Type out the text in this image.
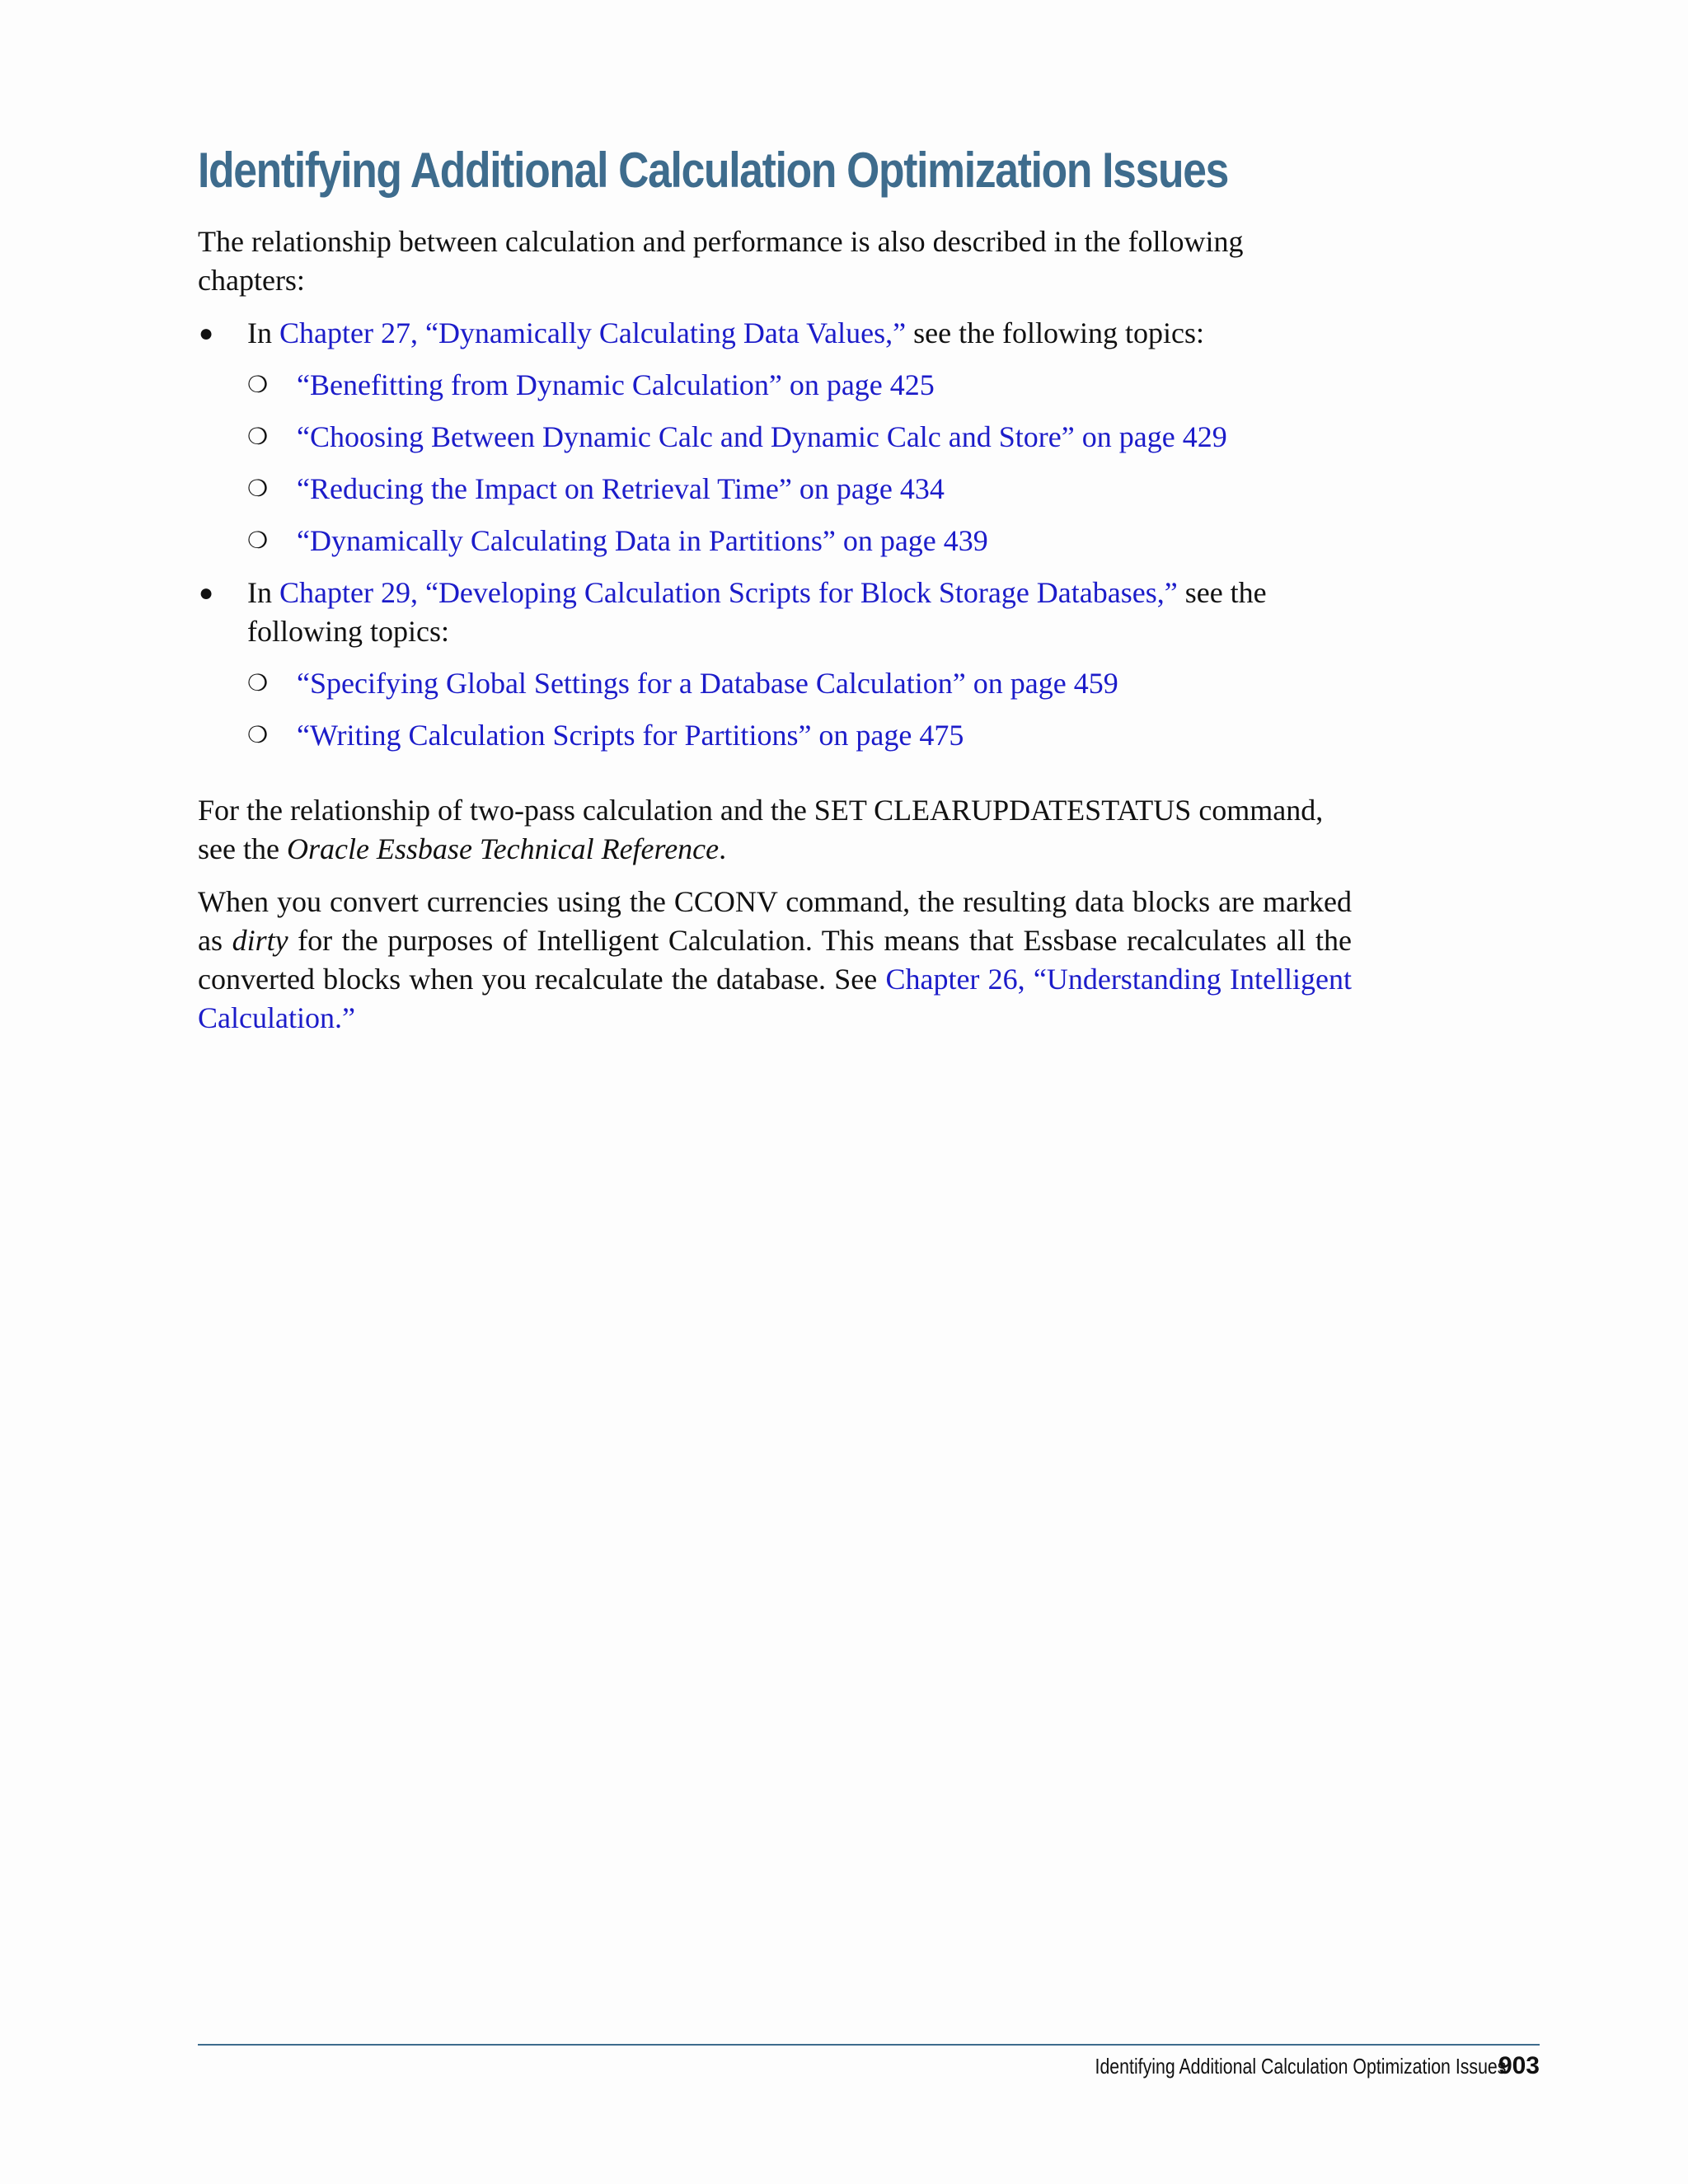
Identifying Additional Calculation Optimization Issues

The relationship between calculation and performance is also described in the following chapters:

● In Chapter 27, “Dynamically Calculating Data Values,” see the following topics:
❍ “Benefitting from Dynamic Calculation” on page 425
❍ “Choosing Between Dynamic Calc and Dynamic Calc and Store” on page 429
❍ “Reducing the Impact on Retrieval Time” on page 434
❍ “Dynamically Calculating Data in Partitions” on page 439
● In Chapter 29, “Developing Calculation Scripts for Block Storage Databases,” see the following topics:
❍ “Specifying Global Settings for a Database Calculation” on page 459
❍ “Writing Calculation Scripts for Partitions” on page 475

For the relationship of two-pass calculation and the SET CLEARUPDATESTATUS command, see the Oracle Essbase Technical Reference.

When you convert currencies using the CCONV command, the resulting data blocks are marked as dirty for the purposes of Intelligent Calculation. This means that Essbase recalculates all the converted blocks when you recalculate the database. See Chapter 26, “Understanding Intelligent Calculation.”

Identifying Additional Calculation Optimization Issues 903
